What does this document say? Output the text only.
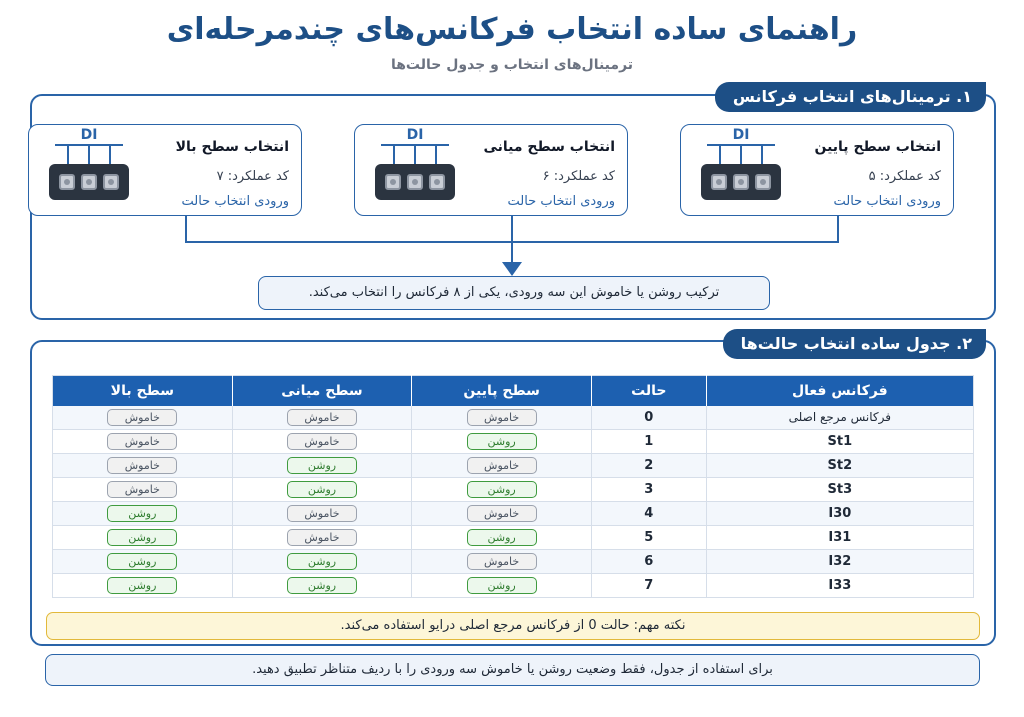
راهنمای ساده انتخاب فرکانس‌های چندمرحله‌ای
ترمینال‌های انتخاب و جدول حالت‌ها
۱. ترمینال‌های انتخاب فرکانس
انتخاب سطح پایین
کد عملکرد: ۵
ورودی انتخاب حالت
DI
انتخاب سطح میانی
کد عملکرد: ۶
ورودی انتخاب حالت
DI
انتخاب سطح بالا
کد عملکرد: ۷
ورودی انتخاب حالت
DI
ترکیب روشن یا خاموش این سه ورودی، یکی از ۸ فرکانس را انتخاب می‌کند.
۲. جدول ساده انتخاب حالت‌ها
فرکانس فعال	حالت	سطح پایین	سطح میانی	سطح بالا
فرکانس مرجع اصلی	0	خاموش	خاموش	خاموش
St1	1	روشن	خاموش	خاموش
St2	2	خاموش	روشن	خاموش
St3	3	روشن	روشن	خاموش
I30	4	خاموش	خاموش	روشن
I31	5	روشن	خاموش	روشن
I32	6	خاموش	روشن	روشن
I33	7	روشن	روشن	روشن
نکته مهم: حالت 0 از فرکانس مرجع اصلی درایو استفاده می‌کند.
برای استفاده از جدول، فقط وضعیت روشن یا خاموش سه ورودی را با ردیف متناظر تطبیق دهید.
